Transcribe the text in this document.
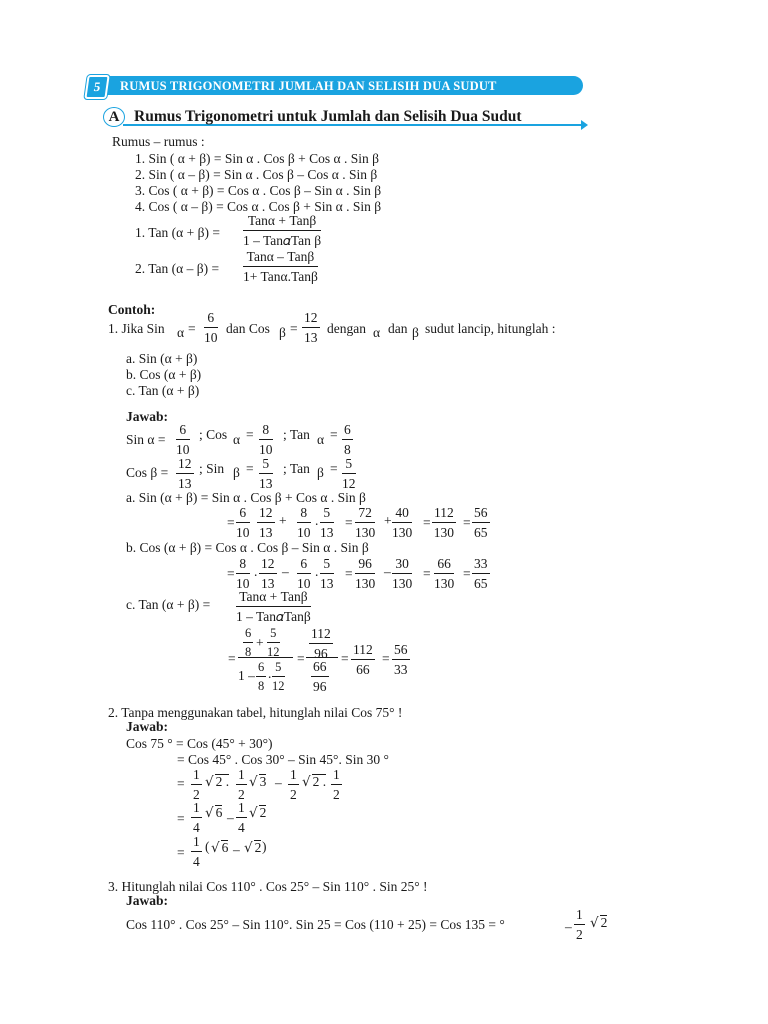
5	RUMUS TRIGONOMETRI JUMLAH DAN SELISIH DUA SUDUT
A Rumus Trigonometri untuk Jumlah dan Selisih Dua Sudut
Rumus – rumus :
1. Sin ( α + β) = Sin α . Cos β + Cos α . Sin β
2. Sin ( α – β) = Sin α . Cos β – Cos α . Sin β
3. Cos ( α + β) = Cos α . Cos β – Sin α . Sin β
4. Cos ( α – β) = Cos α . Cos β + Sin α . Sin β
1. Tan (α + β) =
Tanα + Tanβ
1 – Tan𝛼Tan β
2. Tan (α – β) =
Tanα – Tanβ
1+ Tanα.Tanβ
Contoh:
1. Jika Sin $\alpha = \frac{6}{10}$ dan Cos $\beta = \frac{12}{13}$ dengan α dan β sudut lancip, hitunglah :
a. Sin (α + β)
b. Cos (α + β)
c. Tan (α + β)
Jawab:
Sin $\alpha = \frac{6}{10}$ ; Cos $\alpha = \frac{8}{10}$ ; Tan $\alpha = \frac{6}{8}$
Cos $\beta = \frac{12}{13}$ ; Sin $\beta = \frac{5}{13}$ ; Tan $\beta = \frac{5}{12}$
a. Sin (α + β) = Sin α . Cos β + Cos α . Sin β
= $\frac{6}{10} \frac{12}{13} + \frac{8}{10}$ . $\frac{5}{13} = \frac{72}{130} + \frac{40}{130} = \frac{112}{130} = \frac{56}{65}$
b. Cos (α + β) = Cos α . Cos β – Sin α . Sin β
= $\frac{8}{10}$ . $\frac{12}{13} - \frac{6}{10}$ . $\frac{5}{13} = \frac{96}{130} - \frac{30}{130} = \frac{66}{130} = \frac{33}{65}$
c. Tan (α + β) =
Tanα + Tanβ
1 – Tan𝛼Tanβ
=
$\frac{6}{8} + \frac{5}{12}$
$1 - \frac{6}{8}$ . $\frac{5}{12}$
= $\frac{112}{96}$
$\frac{66}{96}$
= $\frac{112}{66} = \frac{56}{33}$
2. Tanpa menggunakan tabel, hitunglah nilai Cos 75° !
Jawab:
Cos 75 ° = Cos (45° + 30°)
= Cos 45° . Cos 30° – Sin 45°. Sin 30 °
= $\frac{1}{2}$ √ 2 . $\frac{1}{2}$ √ $3 - \frac{1}{2}$ √ 2 . $\frac{1}{2}$
= $\frac{1}{4}$ √ $6 - \frac{1}{4}$ √ 2
= $\frac{1}{4}$ ( √ 6 – √ 2 )
3. Hitunglah nilai Cos 110° . Cos 25° – Sin 110° . Sin 25° !
Jawab:
Cos 110° . Cos 25° – Sin 110°. Sin 25 = Cos (110 + 25) = Cos 135 = °	– $\frac{1}{2}$ √ 2
